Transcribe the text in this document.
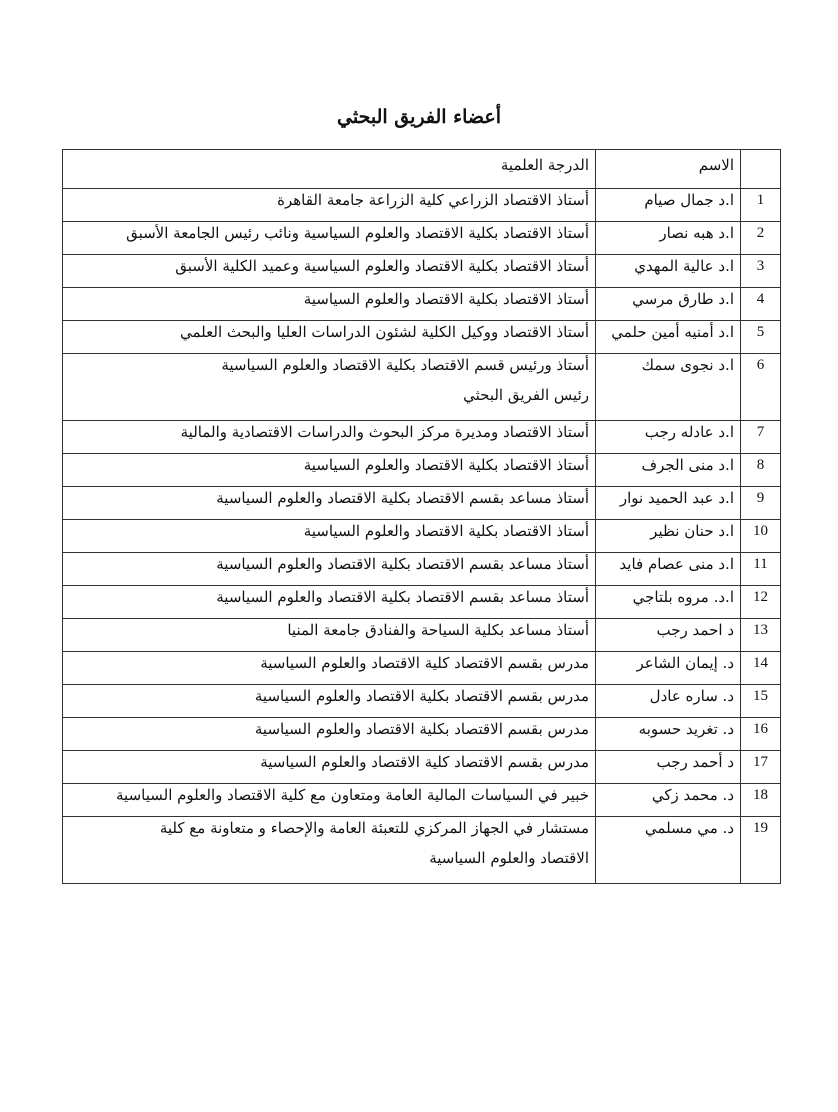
أعضاء الفريق البحثي
	الاسم	الدرجة العلمية
1	ا.د جمال صيام	أستاذ الاقتصاد الزراعي كلية الزراعة جامعة القاهرة

2	ا.د هبه نصار	أستاذ الاقتصاد بكلية الاقتصاد والعلوم السياسية ونائب رئيس الجامعة الأسبق

3	ا.د عالية المهدي	أستاذ الاقتصاد بكلية الاقتصاد والعلوم السياسية وعميد الكلية الأسبق

4	ا.د طارق مرسي	أستاذ الاقتصاد بكلية الاقتصاد والعلوم السياسية

5	ا.د أمنيه أمين حلمي	أستاذ الاقتصاد ووكيل الكلية لشئون الدراسات العليا والبحث العلمي

6	ا.د نجوى سمك	أستاذ ورئيس قسم الاقتصاد بكلية الاقتصاد والعلوم السياسية
رئيس الفريق البحثي

7	ا.د عادله رجب	أستاذ الاقتصاد ومديرة مركز البحوث والدراسات الاقتصادية والمالية

8	ا.د منى الجرف	أستاذ الاقتصاد بكلية الاقتصاد والعلوم السياسية

9	ا.د عبد الحميد نوار	أستاذ مساعد بقسم الاقتصاد بكلية الاقتصاد والعلوم السياسية

10	ا.د حنان نظير	أستاذ الاقتصاد بكلية الاقتصاد والعلوم السياسية

11	ا.د منى عصام فايد	أستاذ مساعد بقسم الاقتصاد بكلية الاقتصاد والعلوم السياسية

12	ا.د. مروه بلتاجي	أستاذ مساعد بقسم الاقتصاد بكلية الاقتصاد والعلوم السياسية

13	د احمد رجب	أستاذ مساعد بكلية السياحة والفنادق جامعة المنيا

14	د. إيمان الشاعر	مدرس بقسم الاقتصاد كلية الاقتصاد والعلوم السياسية

15	د. ساره عادل	مدرس بقسم الاقتصاد بكلية الاقتصاد والعلوم السياسية

16	د. تغريد حسوبه	مدرس بقسم الاقتصاد بكلية الاقتصاد والعلوم السياسية

17	د أحمد رجب	مدرس بقسم الاقتصاد كلية الاقتصاد والعلوم السياسية

18	د. محمد زكي	خبير في السياسات المالية العامة ومتعاون مع كلية الاقتصاد والعلوم السياسية

19	د. مي مسلمي	مستشار في الجهاز المركزي للتعبئة العامة والإحصاء و متعاونة مع كلية
الاقتصاد والعلوم السياسية
